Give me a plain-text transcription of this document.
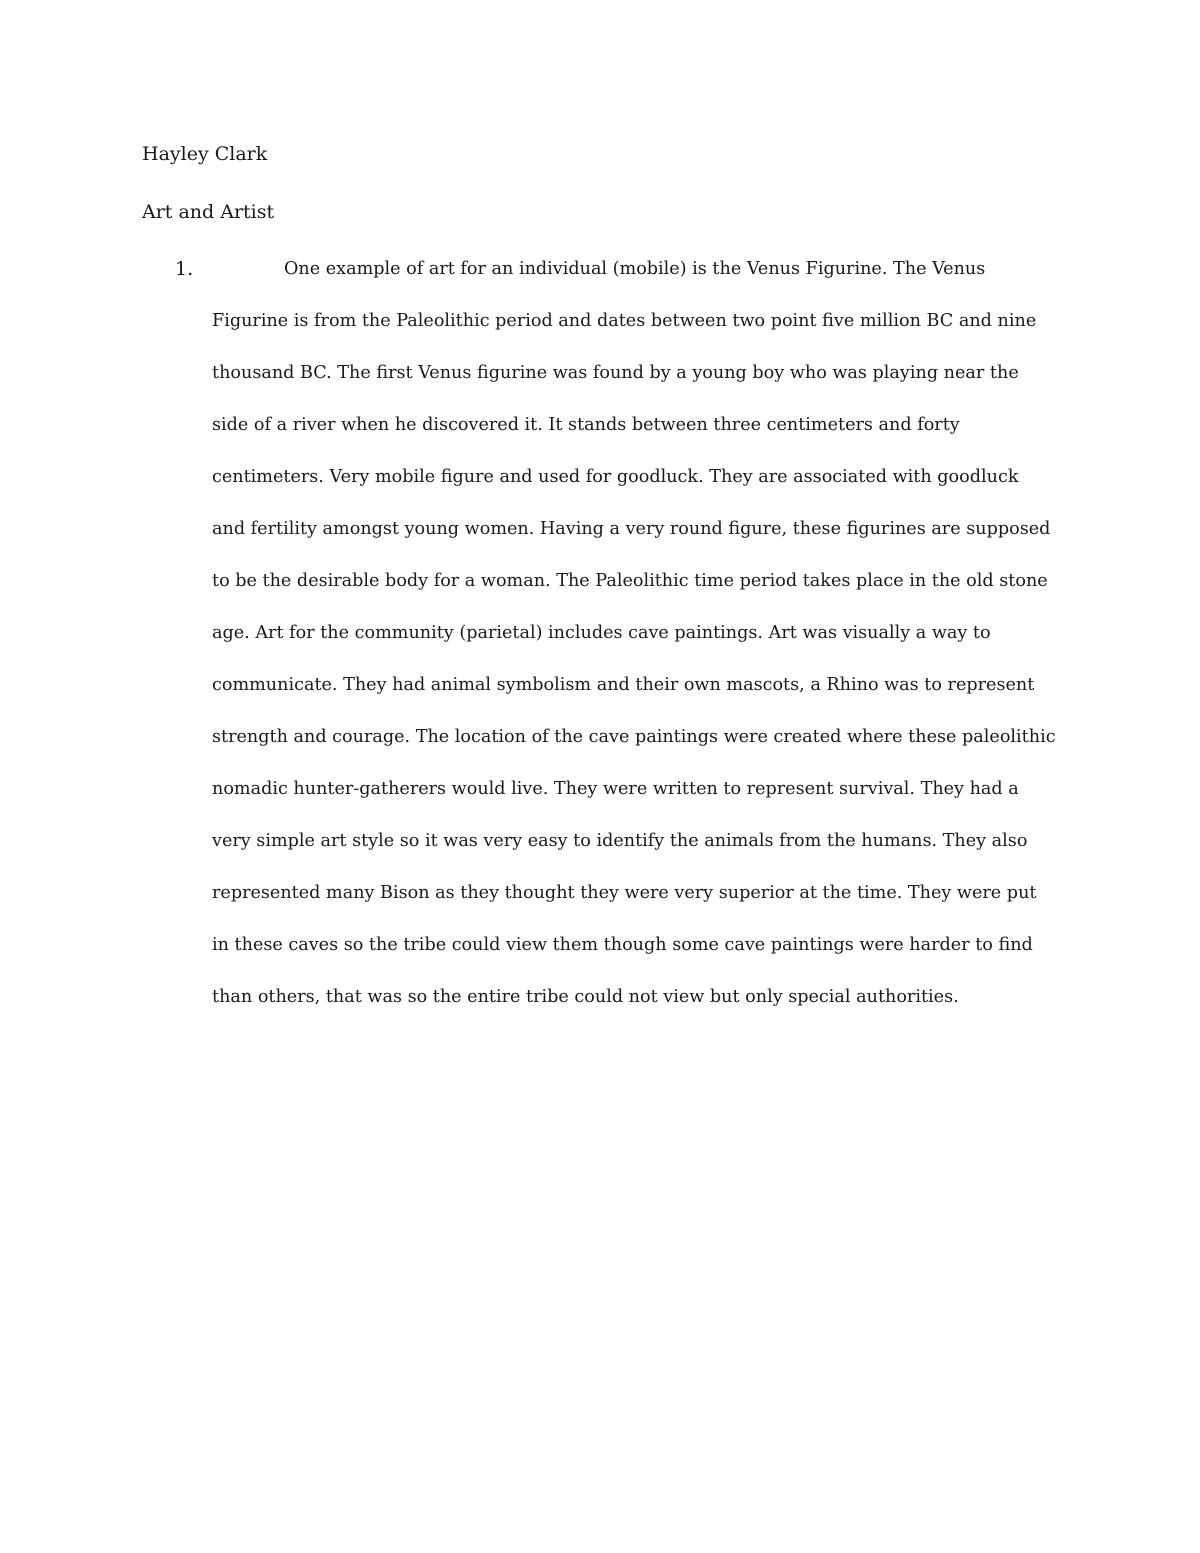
Hayley Clark
Art and Artist
1.	One example of art for an individual (mobile) is the Venus Figurine. The Venus Figurine is from the Paleolithic period and dates between two point five million BC and nine thousand BC. The first Venus figurine was found by a young boy who was playing near the side of a river when he discovered it. It stands between three centimeters and forty centimeters. Very mobile figure and used for goodluck. They are associated with goodluck and fertility amongst young women. Having a very round figure, these figurines are supposed to be the desirable body for a woman. The Paleolithic time period takes place in the old stone age. Art for the community (parietal) includes cave paintings. Art was visually a way to communicate. They had animal symbolism and their own mascots, a Rhino was to represent strength and courage. The location of the cave paintings were created where these paleolithic nomadic hunter-gatherers would live. They were written to represent survival. They had a very simple art style so it was very easy to identify the animals from the humans. They also represented many Bison as they thought they were very superior at the time. They were put in these caves so the tribe could view them though some cave paintings were harder to find than others, that was so the entire tribe could not view but only special authorities.
